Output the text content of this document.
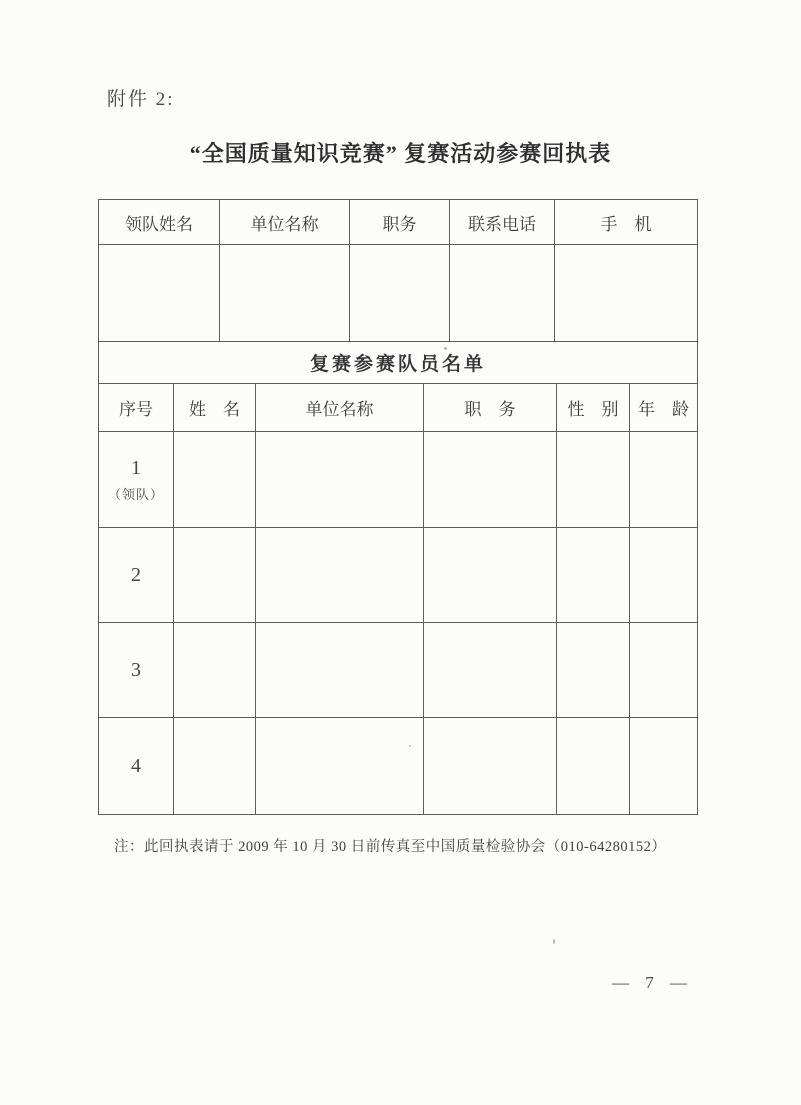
附件 2:
“全国质量知识竞赛” 复赛活动参赛回执表
领队姓名	单位名称	职务	联系电话	手　机
复赛参赛队员名单
序号	姓　名	单位名称	职　务	性　别	年　龄
1
（领队）
2
3
4
注：此回执表请于 2009 年 10 月 30 日前传真至中国质量检验协会（010-64280152）
— 7 —
